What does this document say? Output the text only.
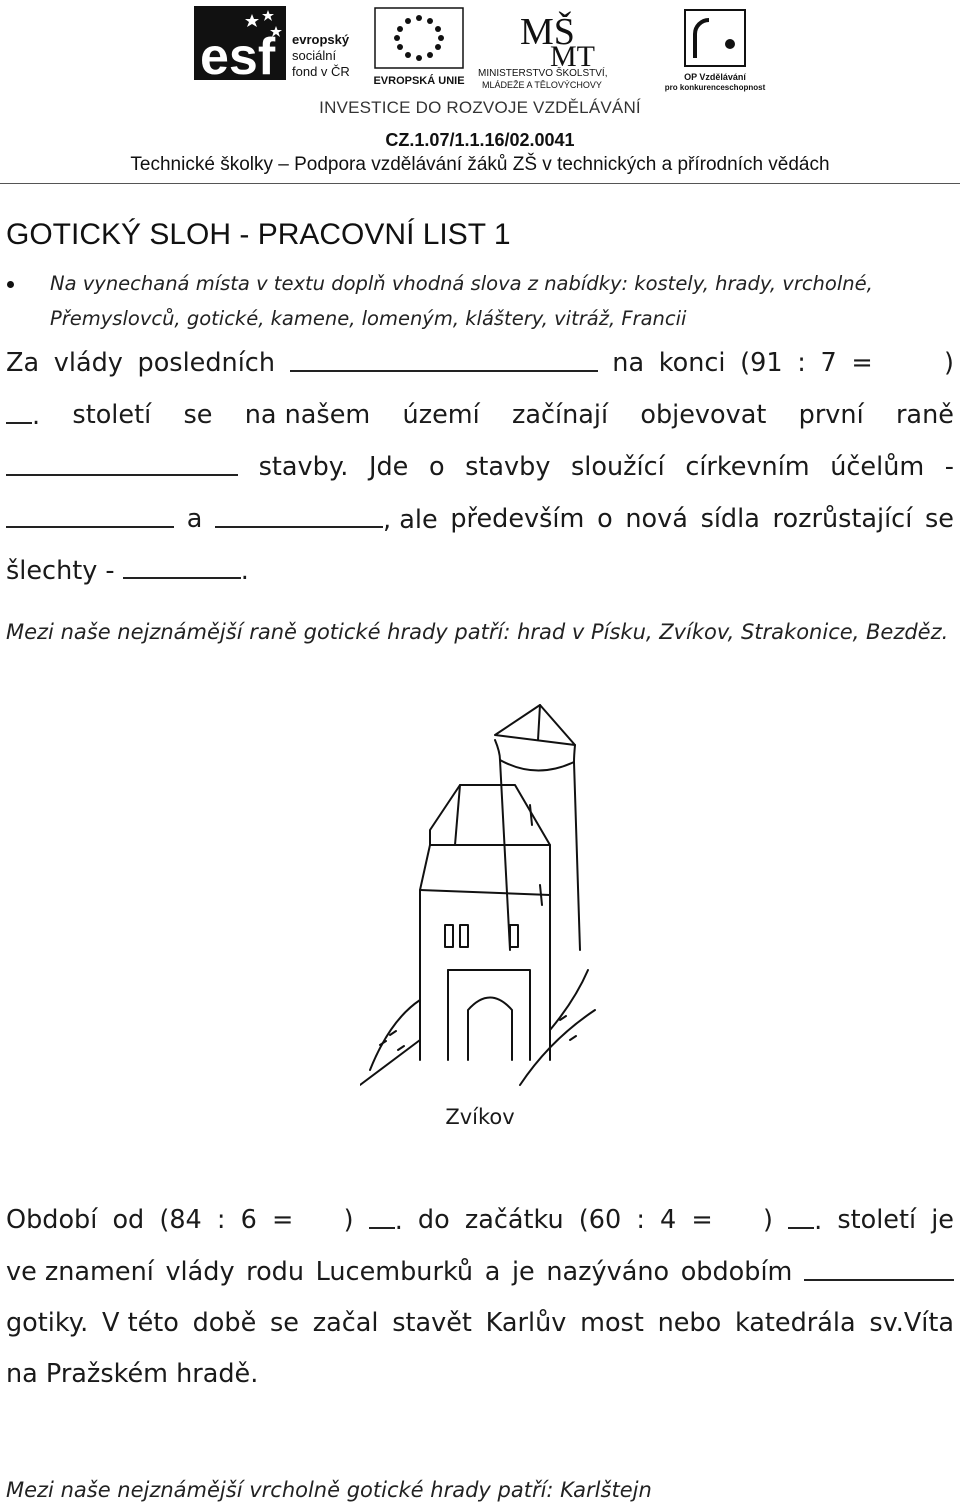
esf evropský
sociální
fond v ČR
EVROPSKÁ UNIE
MŠ
MT
MINISTERSTVO ŠKOLSTVÍ,
MLÁDEŽE A TĚLOVÝCHOVY
OP Vzdělávání
pro konkurenceschopnost
INVESTICE DO ROZVOJE VZDĚLÁVÁNÍ
CZ.1.07/1.1.16/02.0041
Technické školky – Podpora vzdělávání žáků ZŠ v technických a přírodních vědách
GOTICKÝ SLOH - PRACOVNÍ LIST 1
Na vynechaná místa v textu doplň vhodná slova z nabídky: kostely, hrady, vrcholné, Přemyslovců, gotické, kamene, lomeným, kláštery, vitráž, Francii
Za vlády posledních	na konci (91 : 7 =	)
. století se na našem území začínají objevovat první raně
stavby. Jde o stavby sloužící církevním účelům -
a	, ale především o nová sídla rozrůstající se
šlechty -	.
Mezi naše nejznámější raně gotické hrady patří: hrad v Písku, Zvíkov, Strakonice, Bezděz.
Zvíkov
Období od (84 : 6 = )	. do začátku (60 : 4 = )	. století je
ve znamení vlády rodu Lucemburků a je nazýváno obdobím
gotiky. V této době se začal stavět Karlův most nebo katedrála sv.Víta
na Pražském hradě.
Mezi naše nejznámější vrcholně gotické hrady patří: Karlštejn
